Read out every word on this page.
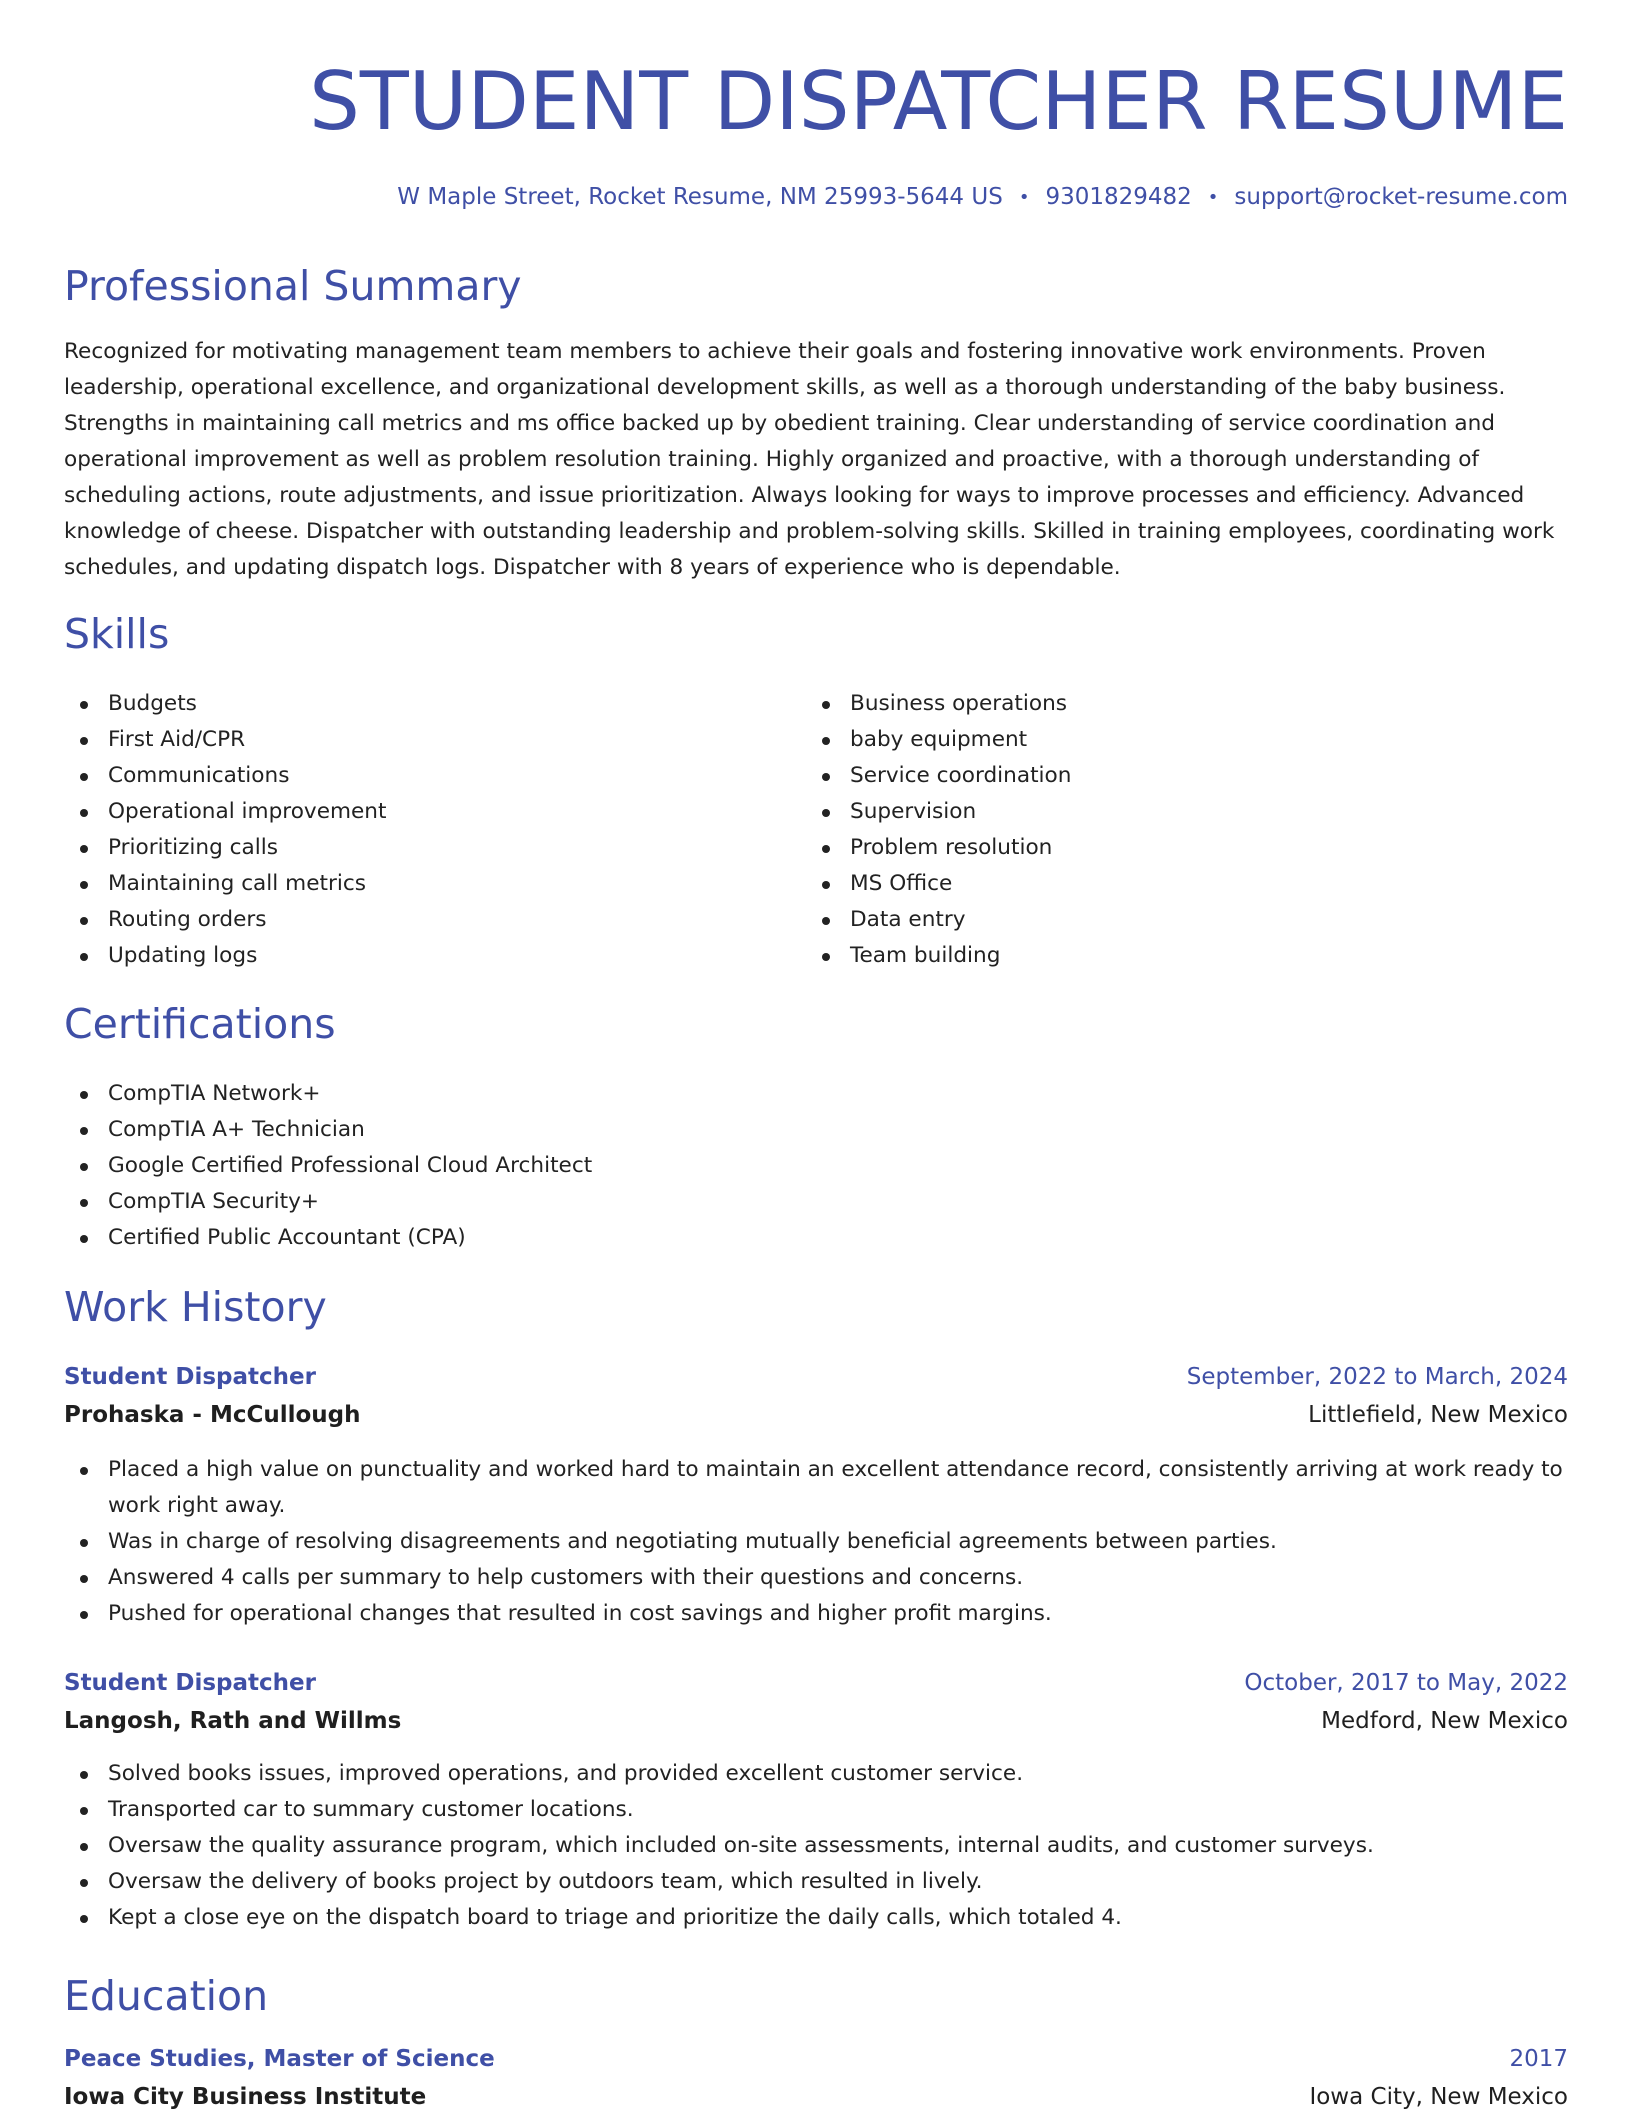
STUDENT DISPATCHER RESUME
W Maple Street, Rocket Resume, NM 25993-5644 US • 9301829482 • support@rocket-resume.com
Professional Summary

Recognized for motivating management team members to achieve their goals and fostering innovative work environments. Proven leadership, operational excellence, and organizational development skills, as well as a thorough understanding of the baby business. Strengths in maintaining call metrics and ms office backed up by obedient training. Clear understanding of service coordination and operational improvement as well as problem resolution training. Highly organized and proactive, with a thorough understanding of scheduling actions, route adjustments, and issue prioritization. Always looking for ways to improve processes and efficiency. Advanced knowledge of cheese. Dispatcher with outstanding leadership and problem-solving skills. Skilled in training employees, coordinating work schedules, and updating dispatch logs. Dispatcher with 8 years of experience who is dependable.

Skills
Budgets
First Aid/CPR
Communications
Operational improvement
Prioritizing calls
Maintaining call metrics
Routing orders
Updating logs
Business operations
baby equipment
Service coordination
Supervision
Problem resolution
MS Office
Data entry
Team building
Certifications
CompTIA Network+
CompTIA A+ Technician
Google Certified Professional Cloud Architect
CompTIA Security+
Certified Public Accountant (CPA)
Work History
Student Dispatcher	September, 2022 to March, 2024
Prohaska - McCullough	Littlefield, New Mexico
Placed a high value on punctuality and worked hard to maintain an excellent attendance record, consistently arriving at work ready to work right away.
Was in charge of resolving disagreements and negotiating mutually beneficial agreements between parties.
Answered 4 calls per summary to help customers with their questions and concerns.
Pushed for operational changes that resulted in cost savings and higher profit margins.
Student Dispatcher	October, 2017 to May, 2022
Langosh, Rath and Willms	Medford, New Mexico
Solved books issues, improved operations, and provided excellent customer service.
Transported car to summary customer locations.
Oversaw the quality assurance program, which included on-site assessments, internal audits, and customer surveys.
Oversaw the delivery of books project by outdoors team, which resulted in lively.
Kept a close eye on the dispatch board to triage and prioritize the daily calls, which totaled 4.
Education
Peace Studies, Master of Science	2017
Iowa City Business Institute	Iowa City, New Mexico
